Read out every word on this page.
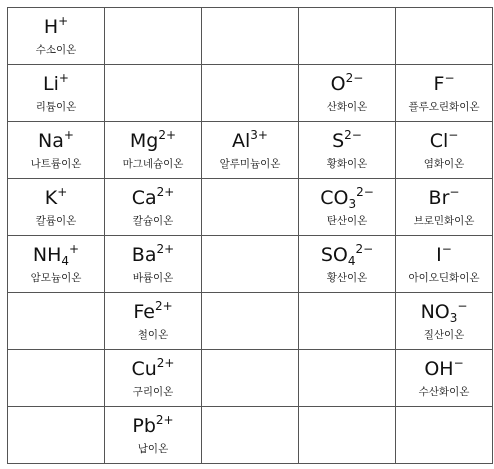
H+
수소이온				

Li+
리튬이온			$O^{2-}$
산화이온	F−
플루오린화이온

Na+
나트륨이온	$Mg^{2+}$
마그네슘이온	$Al^{3+}$
알루미늄이온	$S^{2-}$
황화이온	Cl−
염화이온

K+
칼륨이온	$Ca^{2+}$
칼슘이온		$CO_3^{2-}$
탄산이온	Br−
브로민화이온

$NH_4^+$
암모늄이온	$Ba^{2+}$
바륨이온		$SO_4^{2-}$
황산이온	I−
아이오딘화이온

	$Fe^{2+}$
철이온			$NO_3^-$
질산이온

	$Cu^{2+}$
구리이온			OH−
수산화이온

	$Pb^{2+}$
납이온			
